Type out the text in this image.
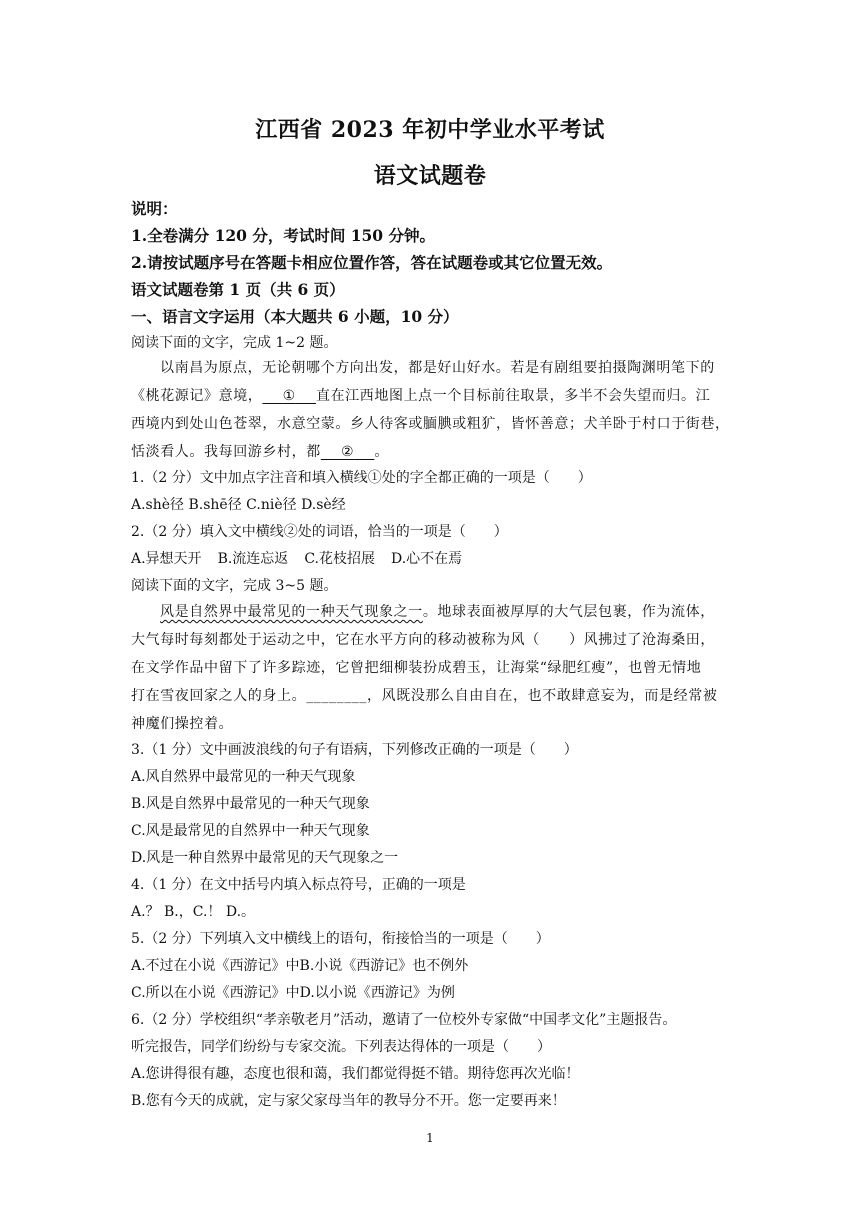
江西省 2023 年初中学业水平考试
语文试题卷
说明：
1.全卷满分 120 分，考试时间 150 分钟。
2.请按试题序号在答题卡相应位置作答，答在试题卷或其它位置无效。
语文试题卷第 1 页（共 6 页）
一、语言文字运用（本大题共 6 小题，10 分）
阅读下面的文字，完成 1~2 题。
以南昌为原点，无论朝哪个方向出发，都是好山好水。若是有剧组要拍摄陶渊明笔下的
《桃花源记》意境， ① 直在江西地图上点一个目标前往取景，多半不会失望而归。江
西境内到处山色苍翠，水意空蒙。乡人待客或腼腆或粗犷，皆怀善意；犬羊卧于村口于街巷，
恬淡看人。我每回游乡村，都 ② 。
1.（2 分）文中加点字注音和填入横线①处的字全都正确的一项是（　　）
A.shè径 B.shē径 C.niè径 D.sè经
2.（2 分）填入文中横线②处的词语，恰当的一项是（　　）
A.异想天开 B.流连忘返 C.花枝招展 D.心不在焉
阅读下面的文字，完成 3~5 题。
风是自然界中最常见的一种天气现象之一。地球表面被厚厚的大气层包裹，作为流体，
大气每时每刻都处于运动之中，它在水平方向的移动被称为风（　　）风拂过了沧海桑田，
在文学作品中留下了许多踪迹，它曾把细柳装扮成碧玉，让海棠“绿肥红瘦”，也曾无情地
打在雪夜回家之人的身上。________，风既没那么自由自在，也不敢肆意妄为，而是经常被
神魔们操控着。
3.（1 分）文中画波浪线的句子有语病，下列修改正确的一项是（　　）
A.风自然界中最常见的一种天气现象
B.风是自然界中最常见的一种天气现象
C.风是最常见的自然界中一种天气现象
D.风是一种自然界中最常见的天气现象之一
4.（1 分）在文中括号内填入标点符号，正确的一项是
A.？ B.，C.！ D.。
5.（2 分）下列填入文中横线上的语句，衔接恰当的一项是（　　）
A.不过在小说《西游记》中B.小说《西游记》也不例外
C.所以在小说《西游记》中D.以小说《西游记》为例
6.（2 分）学校组织“孝亲敬老月”活动，邀请了一位校外专家做“中国孝文化”主题报告。
听完报告，同学们纷纷与专家交流。下列表达得体的一项是（　　）
A.您讲得很有趣，态度也很和蔼，我们都觉得挺不错。期待您再次光临！
B.您有今天的成就，定与家父家母当年的教导分不开。您一定要再来！
1
